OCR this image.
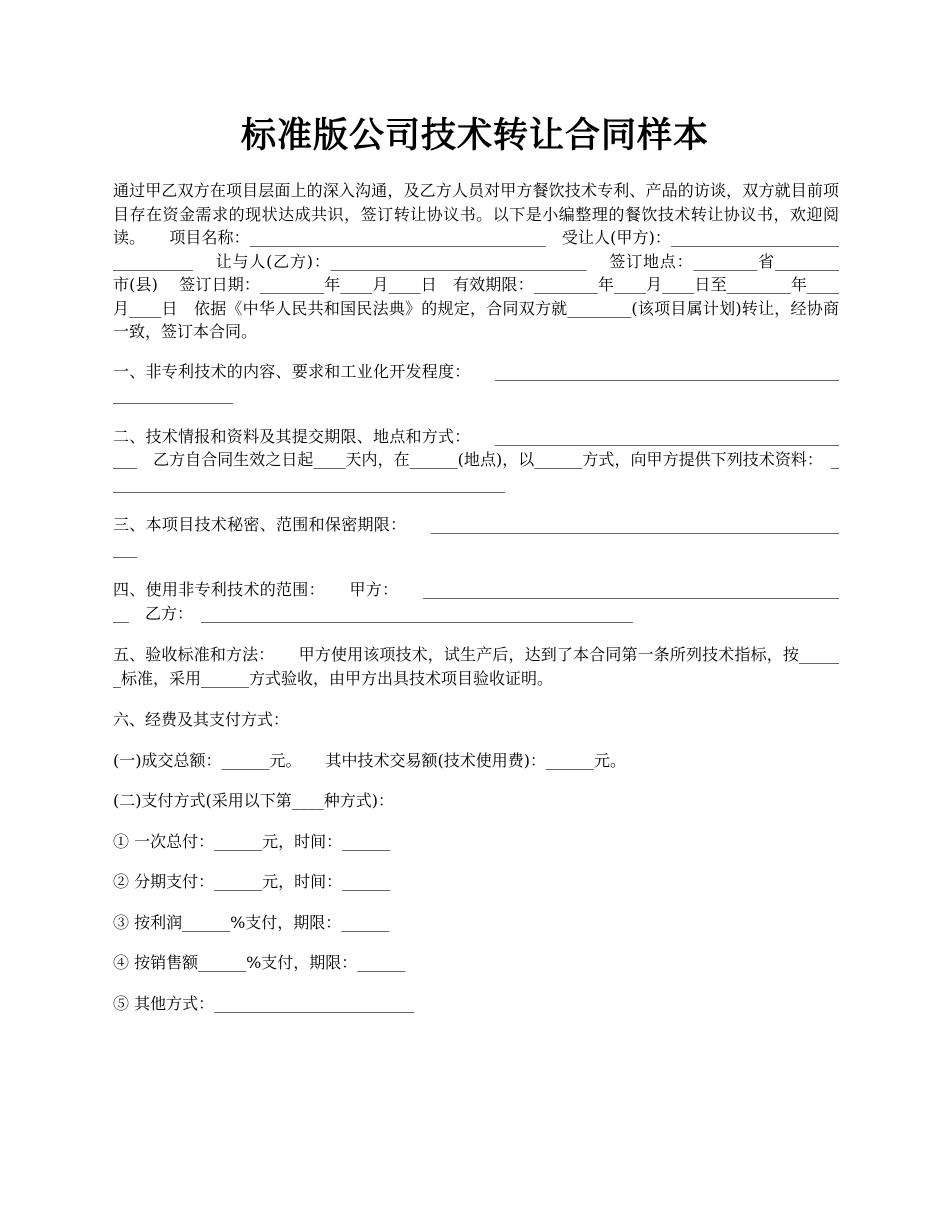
标准版公司技术转让合同样本

通过甲乙双方在项目层面上的深入沟通，及乙方人员对甲方餐饮技术专利、产品的访谈，双方就目前项目存在资金需求的现状达成共识，签订转让协议书。以下是小编整理的餐饮技术转让协议书，欢迎阅读。　　项目名称：_____________________________________　受让人(甲方)：_______________________________ 　让与人(乙方)：________________________________ 　签订地点：________省________市(县) 　签订日期：________年____月____日　有效期限：________年____月____日至________年____月____日　依据《中华人民共和国民法典》的规定，合同双方就________(该项目属计划)转让，经协商一致，签订本合同。

一、非专利技术的内容、要求和工业化开发程度：　　__________________________________________________________

二、技术情报和资料及其提交期限、地点和方式：　　______________________________________________　乙方自合同生效之日起____天内，在______(地点)，以______方式，向甲方提供下列技术资料：　__________________________________________________

三、本项目技术秘密、范围和保密期限：　　______________________________________________________

四、使用非专利技术的范围：　　甲方：　　______________________________________________________　乙方：　______________________________________________________

五、验收标准和方法：　　甲方使用该项技术，试生产后，达到了本合同第一条所列技术指标，按______标准，采用______方式验收，由甲方出具技术项目验收证明。

六、经费及其支付方式：

(一)成交总额：______元。　　其中技术交易额(技术使用费)：______元。

(二)支付方式(采用以下第____种方式)：

① 一次总付：______元，时间：______

② 分期支付：______元，时间：______

③ 按利润______%支付，期限：______

④ 按销售额______%支付，期限：______

⑤ 其他方式：_________________________
